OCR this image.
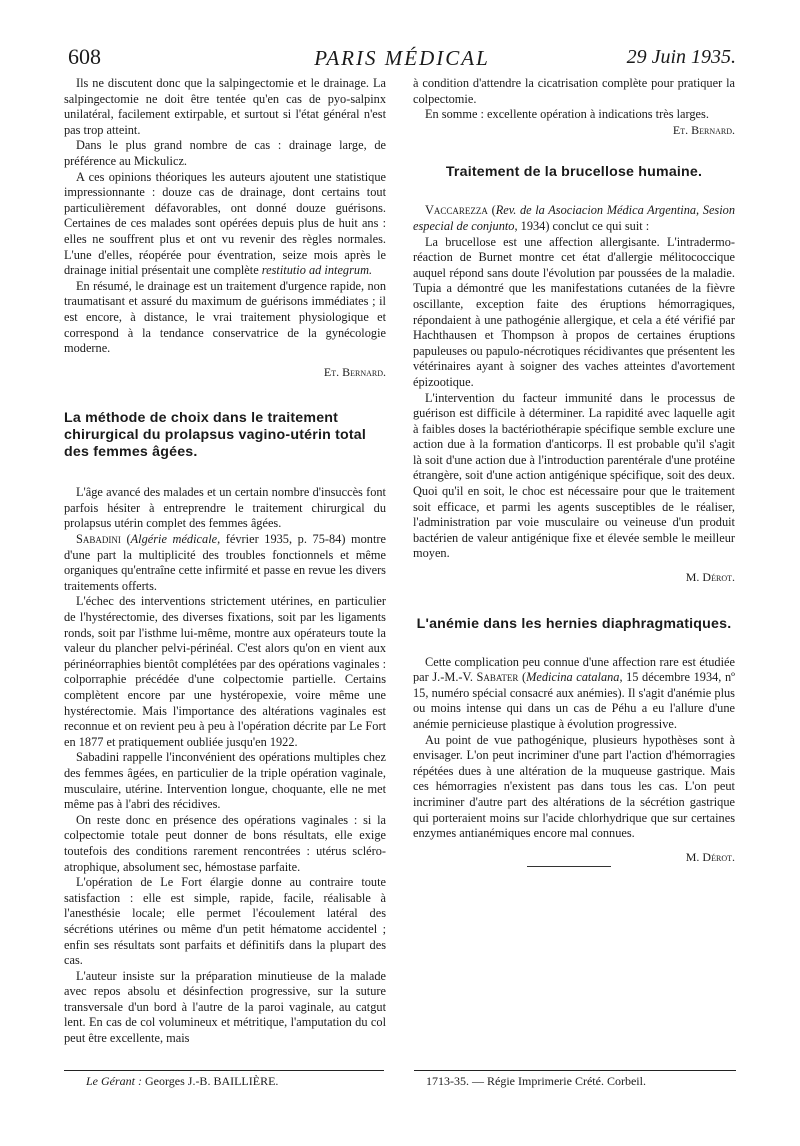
608	PARIS MÉDICAL	29 Juin 1935.

Ils ne discutent donc que la salpingectomie et le drainage. La salpingectomie ne doit être tentée qu'en cas de pyo-salpinx unilatéral, facilement extirpable, et surtout si l'état général n'est pas trop atteint.

Dans le plus grand nombre de cas : drainage large, de préférence au Mickulicz.

A ces opinions théoriques les auteurs ajoutent une statistique impressionnante : douze cas de drainage, dont certains tout particulièrement défavorables, ont donné douze guérisons. Certaines de ces malades sont opérées depuis plus de huit ans : elles ne souffrent plus et ont vu revenir des règles normales. L'une d'elles, réopérée pour éventration, seize mois après le drainage initial présentait une complète restitutio ad integrum.

En résumé, le drainage est un traitement d'urgence rapide, non traumatisant et assuré du maximum de guérisons immédiates ; il est encore, à distance, le vrai traitement physiologique et correspond à la tendance conservatrice de la gynécologie moderne.

Et. Bernard.

La méthode de choix dans le traitement chirurgical du prolapsus vagino-utérin total des femmes âgées.

L'âge avancé des malades et un certain nombre d'insuccès font parfois hésiter à entreprendre le traitement chirurgical du prolapsus utérin complet des femmes âgées.

Sabadini (Algérie médicale, février 1935, p. 75-84) montre d'une part la multiplicité des troubles fonctionnels et même organiques qu'entraîne cette infirmité et passe en revue les divers traitements offerts.

L'échec des interventions strictement utérines, en particulier de l'hystérectomie, des diverses fixations, soit par les ligaments ronds, soit par l'isthme lui-même, montre aux opérateurs toute la valeur du plancher pelvi-périnéal. C'est alors qu'on en vient aux périnéorraphies bientôt complétées par des opérations vaginales : colporraphie précédée d'une colpectomie partielle. Certains complètent encore par une hystéropexie, voire même une hystérectomie. Mais l'importance des altérations vaginales est reconnue et on revient peu à peu à l'opération décrite par Le Fort en 1877 et pratiquement oubliée jusqu'en 1922.

Sabadini rappelle l'inconvénient des opérations multiples chez des femmes âgées, en particulier de la triple opération vaginale, musculaire, utérine. Intervention longue, choquante, elle ne met même pas à l'abri des récidives.

On reste donc en présence des opérations vaginales : si la colpectomie totale peut donner de bons résultats, elle exige toutefois des conditions rarement rencontrées : utérus scléro-atrophique, absolument sec, hémostase parfaite.

L'opération de Le Fort élargie donne au contraire toute satisfaction : elle est simple, rapide, facile, réalisable à l'anesthésie locale; elle permet l'écoulement latéral des sécrétions utérines ou même d'un petit hématome accidentel ; enfin ses résultats sont parfaits et définitifs dans la plupart des cas.

L'auteur insiste sur la préparation minutieuse de la malade avec repos absolu et désinfection progressive, sur la suture transversale d'un bord à l'autre de la paroi vaginale, au catgut lent. En cas de col volumineux et métritique, l'amputation du col peut être excellente, mais

à condition d'attendre la cicatrisation complète pour pratiquer la colpectomie.

En somme : excellente opération à indications très larges.

Et. Bernard.

Traitement de la brucellose humaine.

Vaccarezza (Rev. de la Asociacion Médica Argentina, Sesion especial de conjunto, 1934) conclut ce qui suit :

La brucellose est une affection allergisante. L'intradermo-réaction de Burnet montre cet état d'allergie mélitococcique auquel répond sans doute l'évolution par poussées de la maladie. Tupia a démontré que les manifestations cutanées de la fièvre oscillante, exception faite des éruptions hémorragiques, répondaient à une pathogénie allergique, et cela a été vérifié par Hachthausen et Thompson à propos de certaines éruptions papuleuses ou papulo-nécrotiques récidivantes que présentent les vétérinaires ayant à soigner des vaches atteintes d'avortement épizootique.

L'intervention du facteur immunité dans le processus de guérison est difficile à déterminer. La rapidité avec laquelle agit à faibles doses la bactériothérapie spécifique semble exclure une action due à la formation d'anticorps. Il est probable qu'il s'agit là soit d'une action due à l'introduction parentérale d'une protéine étrangère, soit d'une action antigénique spécifique, soit des deux. Quoi qu'il en soit, le choc est nécessaire pour que le traitement soit efficace, et parmi les agents susceptibles de le réaliser, l'administration par voie musculaire ou veineuse d'un produit bactérien de valeur antigénique fixe et élevée semble le meilleur moyen.

M. Dérot.

L'anémie dans les hernies diaphragmatiques.

Cette complication peu connue d'une affection rare est étudiée par J.-M.-V. Sabater (Medicina catalana, 15 décembre 1934, nº 15, numéro spécial consacré aux anémies). Il s'agit d'anémie plus ou moins intense qui dans un cas de Péhu a eu l'allure d'une anémie pernicieuse plastique à évolution progressive.

Au point de vue pathogénique, plusieurs hypothèses sont à envisager. L'on peut incriminer d'une part l'action d'hémorragies répétées dues à une altération de la muqueuse gastrique. Mais ces hémorragies n'existent pas dans tous les cas. L'on peut incriminer d'autre part des altérations de la sécrétion gastrique qui porteraient moins sur l'acide chlorhydrique que sur certaines enzymes antianémiques encore mal connues.

M. Dérot.

Le Gérant : Georges J.-B. BAILLIÈRE.	1713-35. — Régie Imprimerie Crété. Corbeil.
